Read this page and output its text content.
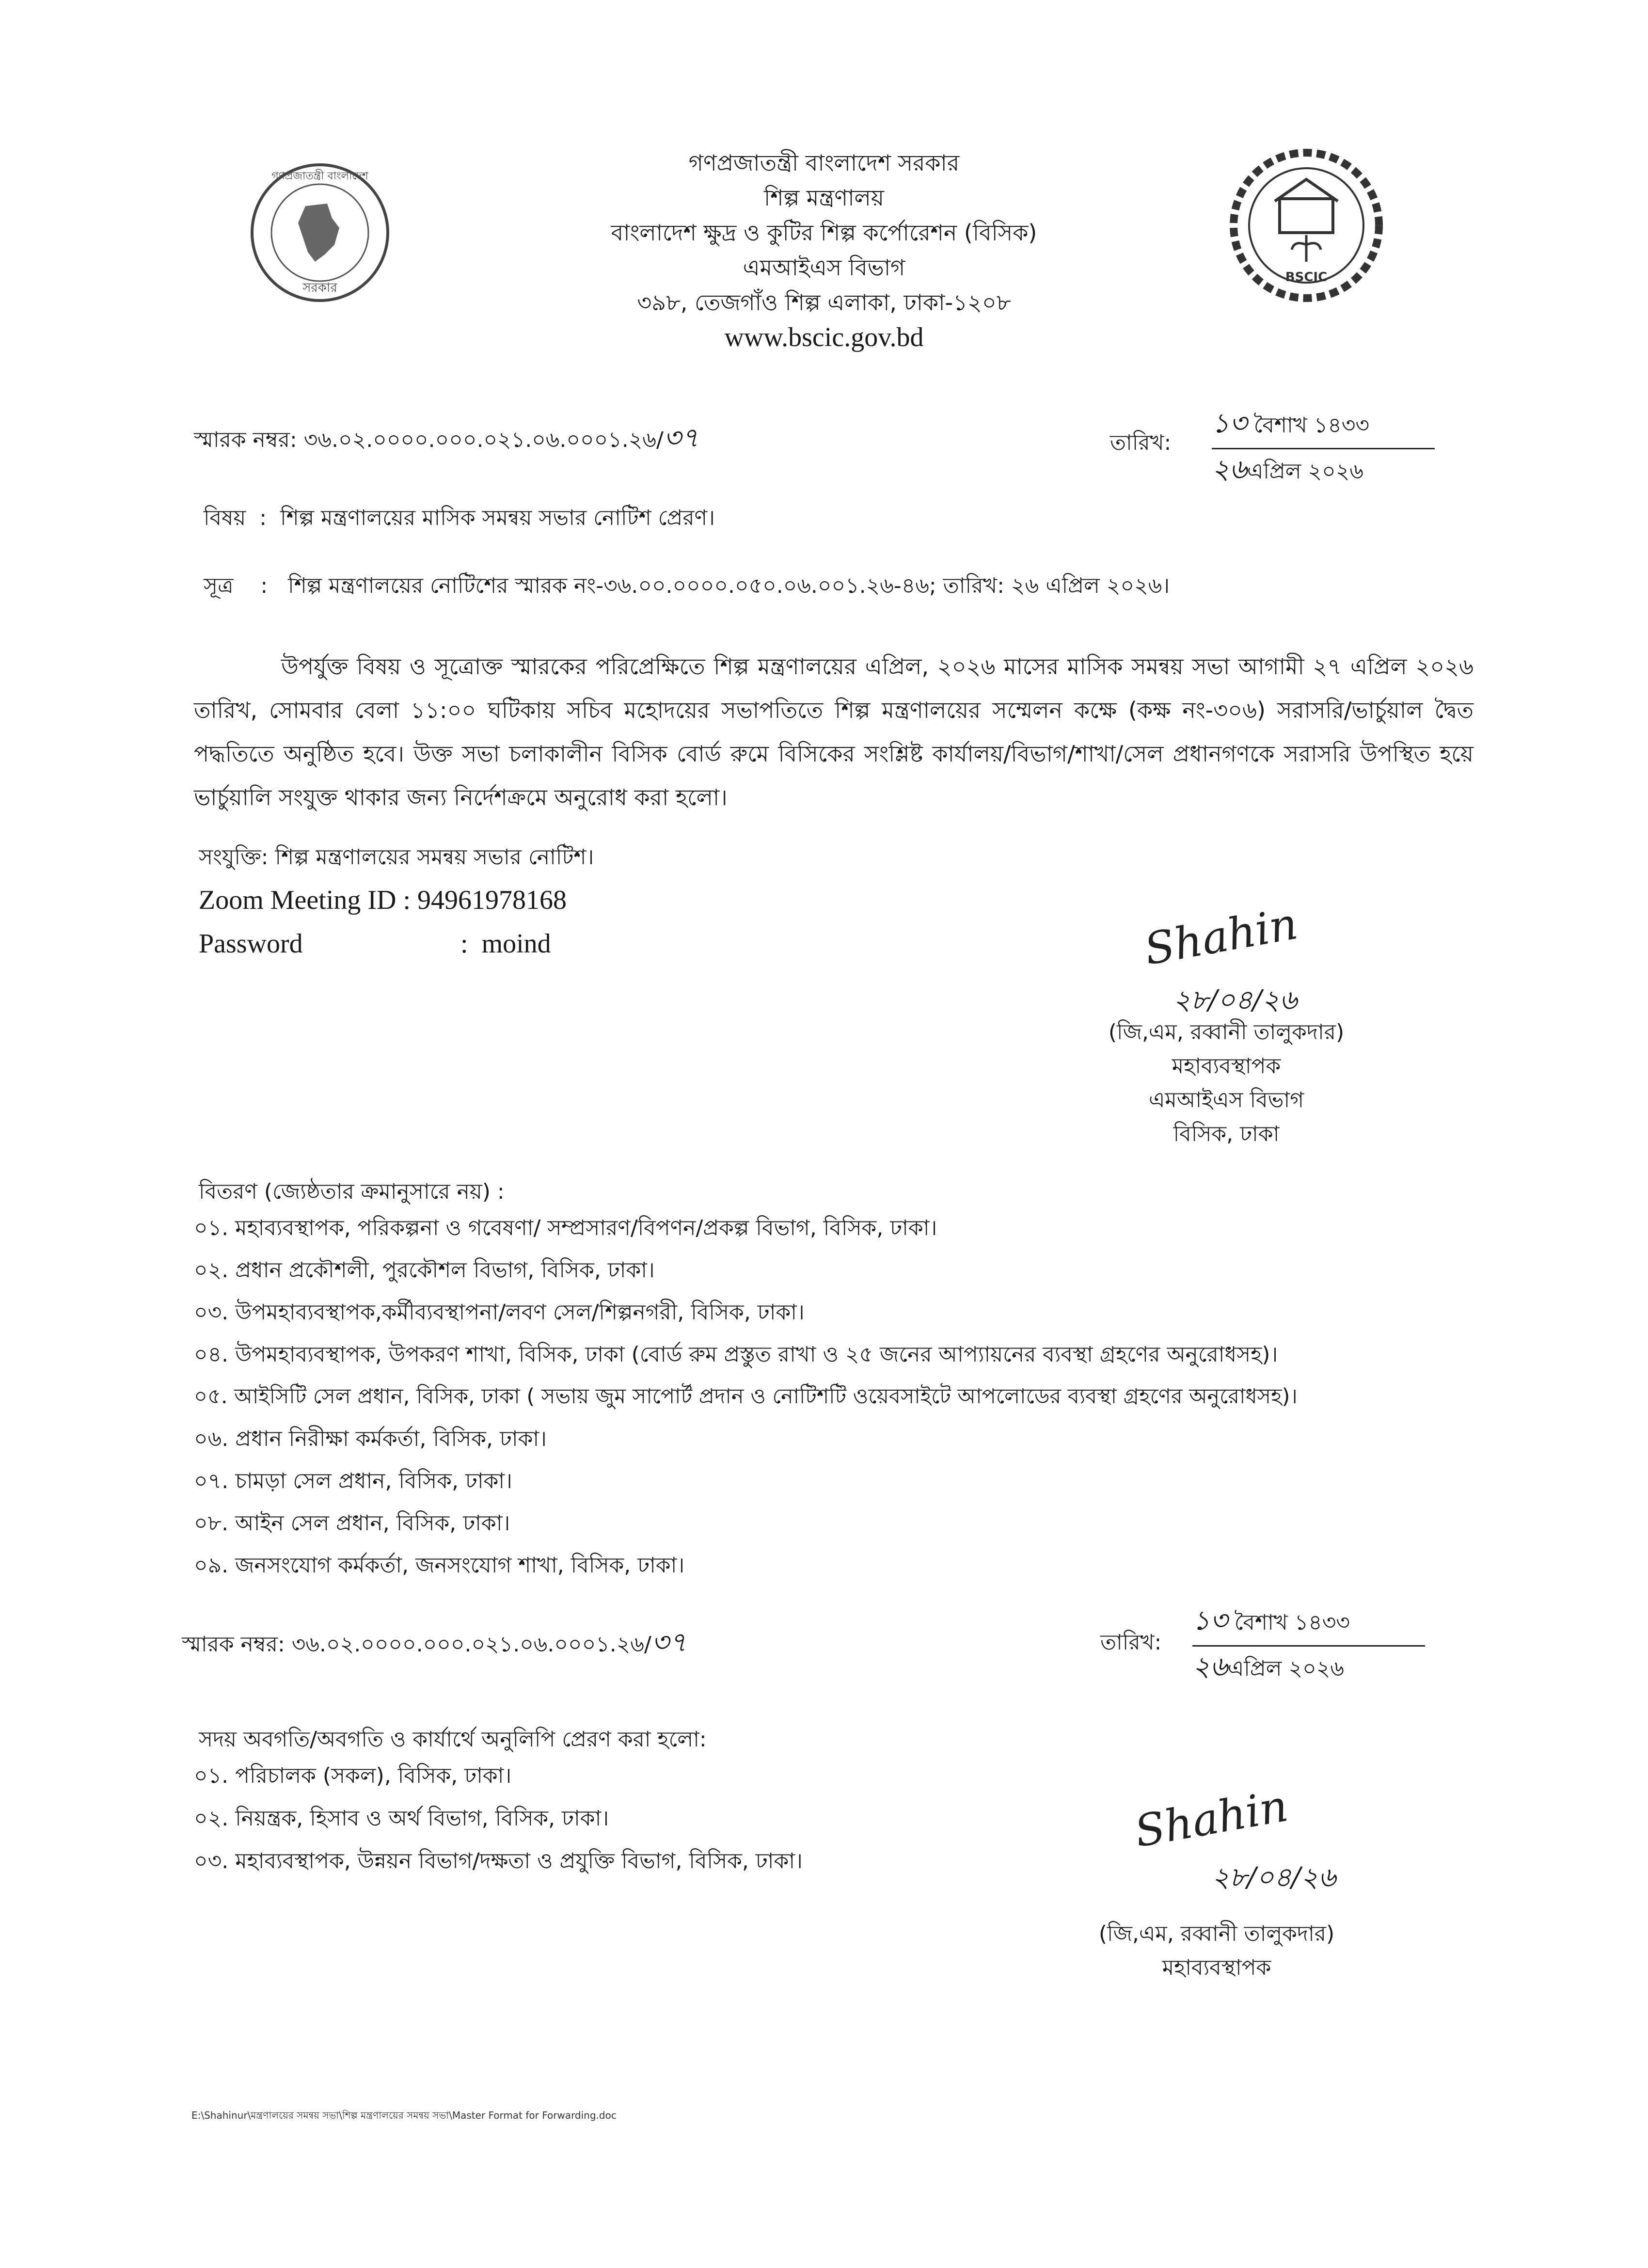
সরকার
গণপ্রজাতন্ত্রী বাংলাদেশ
BSCIC
গণপ্রজাতন্ত্রী বাংলাদেশ সরকার
শিল্প মন্ত্রণালয়
বাংলাদেশ ক্ষুদ্র ও কুটির শিল্প কর্পোরেশন (বিসিক)
এমআইএস বিভাগ
৩৯৮, তেজগাঁও শিল্প এলাকা, ঢাকা-১২০৮
www.bscic.gov.bd
স্মারক নম্বর: ৩৬.০২.০০০০.০০০.০২১.০৬.০০০১.২৬/৩৭	তারিখ:
১৩ বৈশাখ ১৪৩৩
২৬এপ্রিল ২০২৬
বিষয় : শিল্প মন্ত্রণালয়ের মাসিক সমন্বয় সভার নোটিশ প্রেরণ।
সূত্র : শিল্প মন্ত্রণালয়ের নোটিশের স্মারক নং-৩৬.০০.০০০০.০৫০.০৬.০০১.২৬-৪৬; তারিখ: ২৬ এপ্রিল ২০২৬।
উপর্যুক্ত বিষয় ও সূত্রোক্ত স্মারকের পরিপ্রেক্ষিতে শিল্প মন্ত্রণালয়ের এপ্রিল, ২০২৬ মাসের মাসিক সমন্বয় সভা আগামী ২৭ এপ্রিল ২০২৬ তারিখ, সোমবার বেলা ১১:০০ ঘটিকায় সচিব মহোদয়ের সভাপতিতে শিল্প মন্ত্রণালয়ের সম্মেলন কক্ষে (কক্ষ নং-৩০৬) সরাসরি/ভার্চুয়াল দ্বৈত পদ্ধতিতে অনুষ্ঠিত হবে। উক্ত সভা চলাকালীন বিসিক বোর্ড রুমে বিসিকের সংশ্লিষ্ট কার্যালয়/বিভাগ/শাখা/সেল প্রধানগণকে সরাসরি উপস্থিত হয়ে ভার্চুয়ালি সংযুক্ত থাকার জন্য নির্দেশক্রমে অনুরোধ করা হলো।
সংযুক্তি: শিল্প মন্ত্রণালয়ের সমন্বয় সভার নোটিশ।
Zoom Meeting ID : 94961978168
Password	: moind	Shahin
২৮/০৪/২৬
(জি,এম, রব্বানী তালুকদার)
মহাব্যবস্থাপক
এমআইএস বিভাগ
বিসিক, ঢাকা
বিতরণ (জ্যেষ্ঠতার ক্রমানুসারে নয়) :
০১. মহাব্যবস্থাপক, পরিকল্পনা ও গবেষণা/ সম্প্রসারণ/বিপণন/প্রকল্প বিভাগ, বিসিক, ঢাকা।
০২. প্রধান প্রকৌশলী, পুরকৌশল বিভাগ, বিসিক, ঢাকা।
০৩. উপমহাব্যবস্থাপক,কর্মীব্যবস্থাপনা/লবণ সেল/শিল্পনগরী, বিসিক, ঢাকা।
০৪. উপমহাব্যবস্থাপক, উপকরণ শাখা, বিসিক, ঢাকা (বোর্ড রুম প্রস্তুত রাখা ও ২৫ জনের আপ্যায়নের ব্যবস্থা গ্রহণের অনুরোধসহ)।
০৫. আইসিটি সেল প্রধান, বিসিক, ঢাকা ( সভায় জুম সাপোর্ট প্রদান ও নোটিশটি ওয়েবসাইটে আপলোডের ব্যবস্থা গ্রহণের অনুরোধসহ)।
০৬. প্রধান নিরীক্ষা কর্মকর্তা, বিসিক, ঢাকা।
০৭. চামড়া সেল প্রধান, বিসিক, ঢাকা।
০৮. আইন সেল প্রধান, বিসিক, ঢাকা।
০৯. জনসংযোগ কর্মকর্তা, জনসংযোগ শাখা, বিসিক, ঢাকা।
স্মারক নম্বর: ৩৬.০২.০০০০.০০০.০২১.০৬.০০০১.২৬/৩৭	তারিখ:
১৩ বৈশাখ ১৪৩৩
২৬এপ্রিল ২০২৬
সদয় অবগতি/অবগতি ও কার্যার্থে অনুলিপি প্রেরণ করা হলো:
০১. পরিচালক (সকল), বিসিক, ঢাকা।
০২. নিয়ন্ত্রক, হিসাব ও অর্থ বিভাগ, বিসিক, ঢাকা।
০৩. মহাব্যবস্থাপক, উন্নয়ন বিভাগ/দক্ষতা ও প্রযুক্তি বিভাগ, বিসিক, ঢাকা।
Shahin
২৮/০৪/২৬
(জি,এম, রব্বানী তালুকদার)
মহাব্যবস্থাপক
E:\Shahinur\মন্ত্রণালয়ের সমন্বয় সভা\শিল্প মন্ত্রণালয়ের সমন্বয় সভা\Master Format for Forwarding.doc
